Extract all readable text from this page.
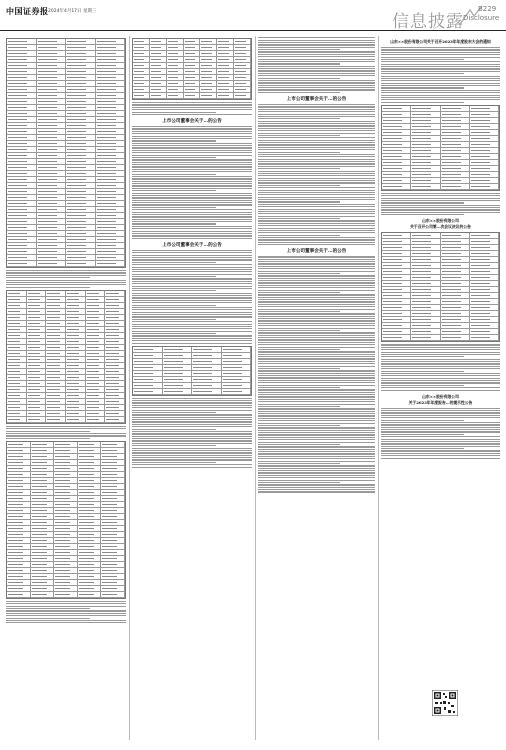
中国证券报 2024年4月17日 星期三
信息披露
B229
Disclosure
上市公司董事会关于…的公告
上市公司董事会关于…的公告
上市公司董事会关于…的公告
上市公司董事会关于…的公告
山东××股份有限公司关于召开2023年年度股东大会的通知
山东××股份有限公司
关于召开公司第…次会议决议的公告
山东××股份有限公司
关于2023年年度报告…的提示性公告
